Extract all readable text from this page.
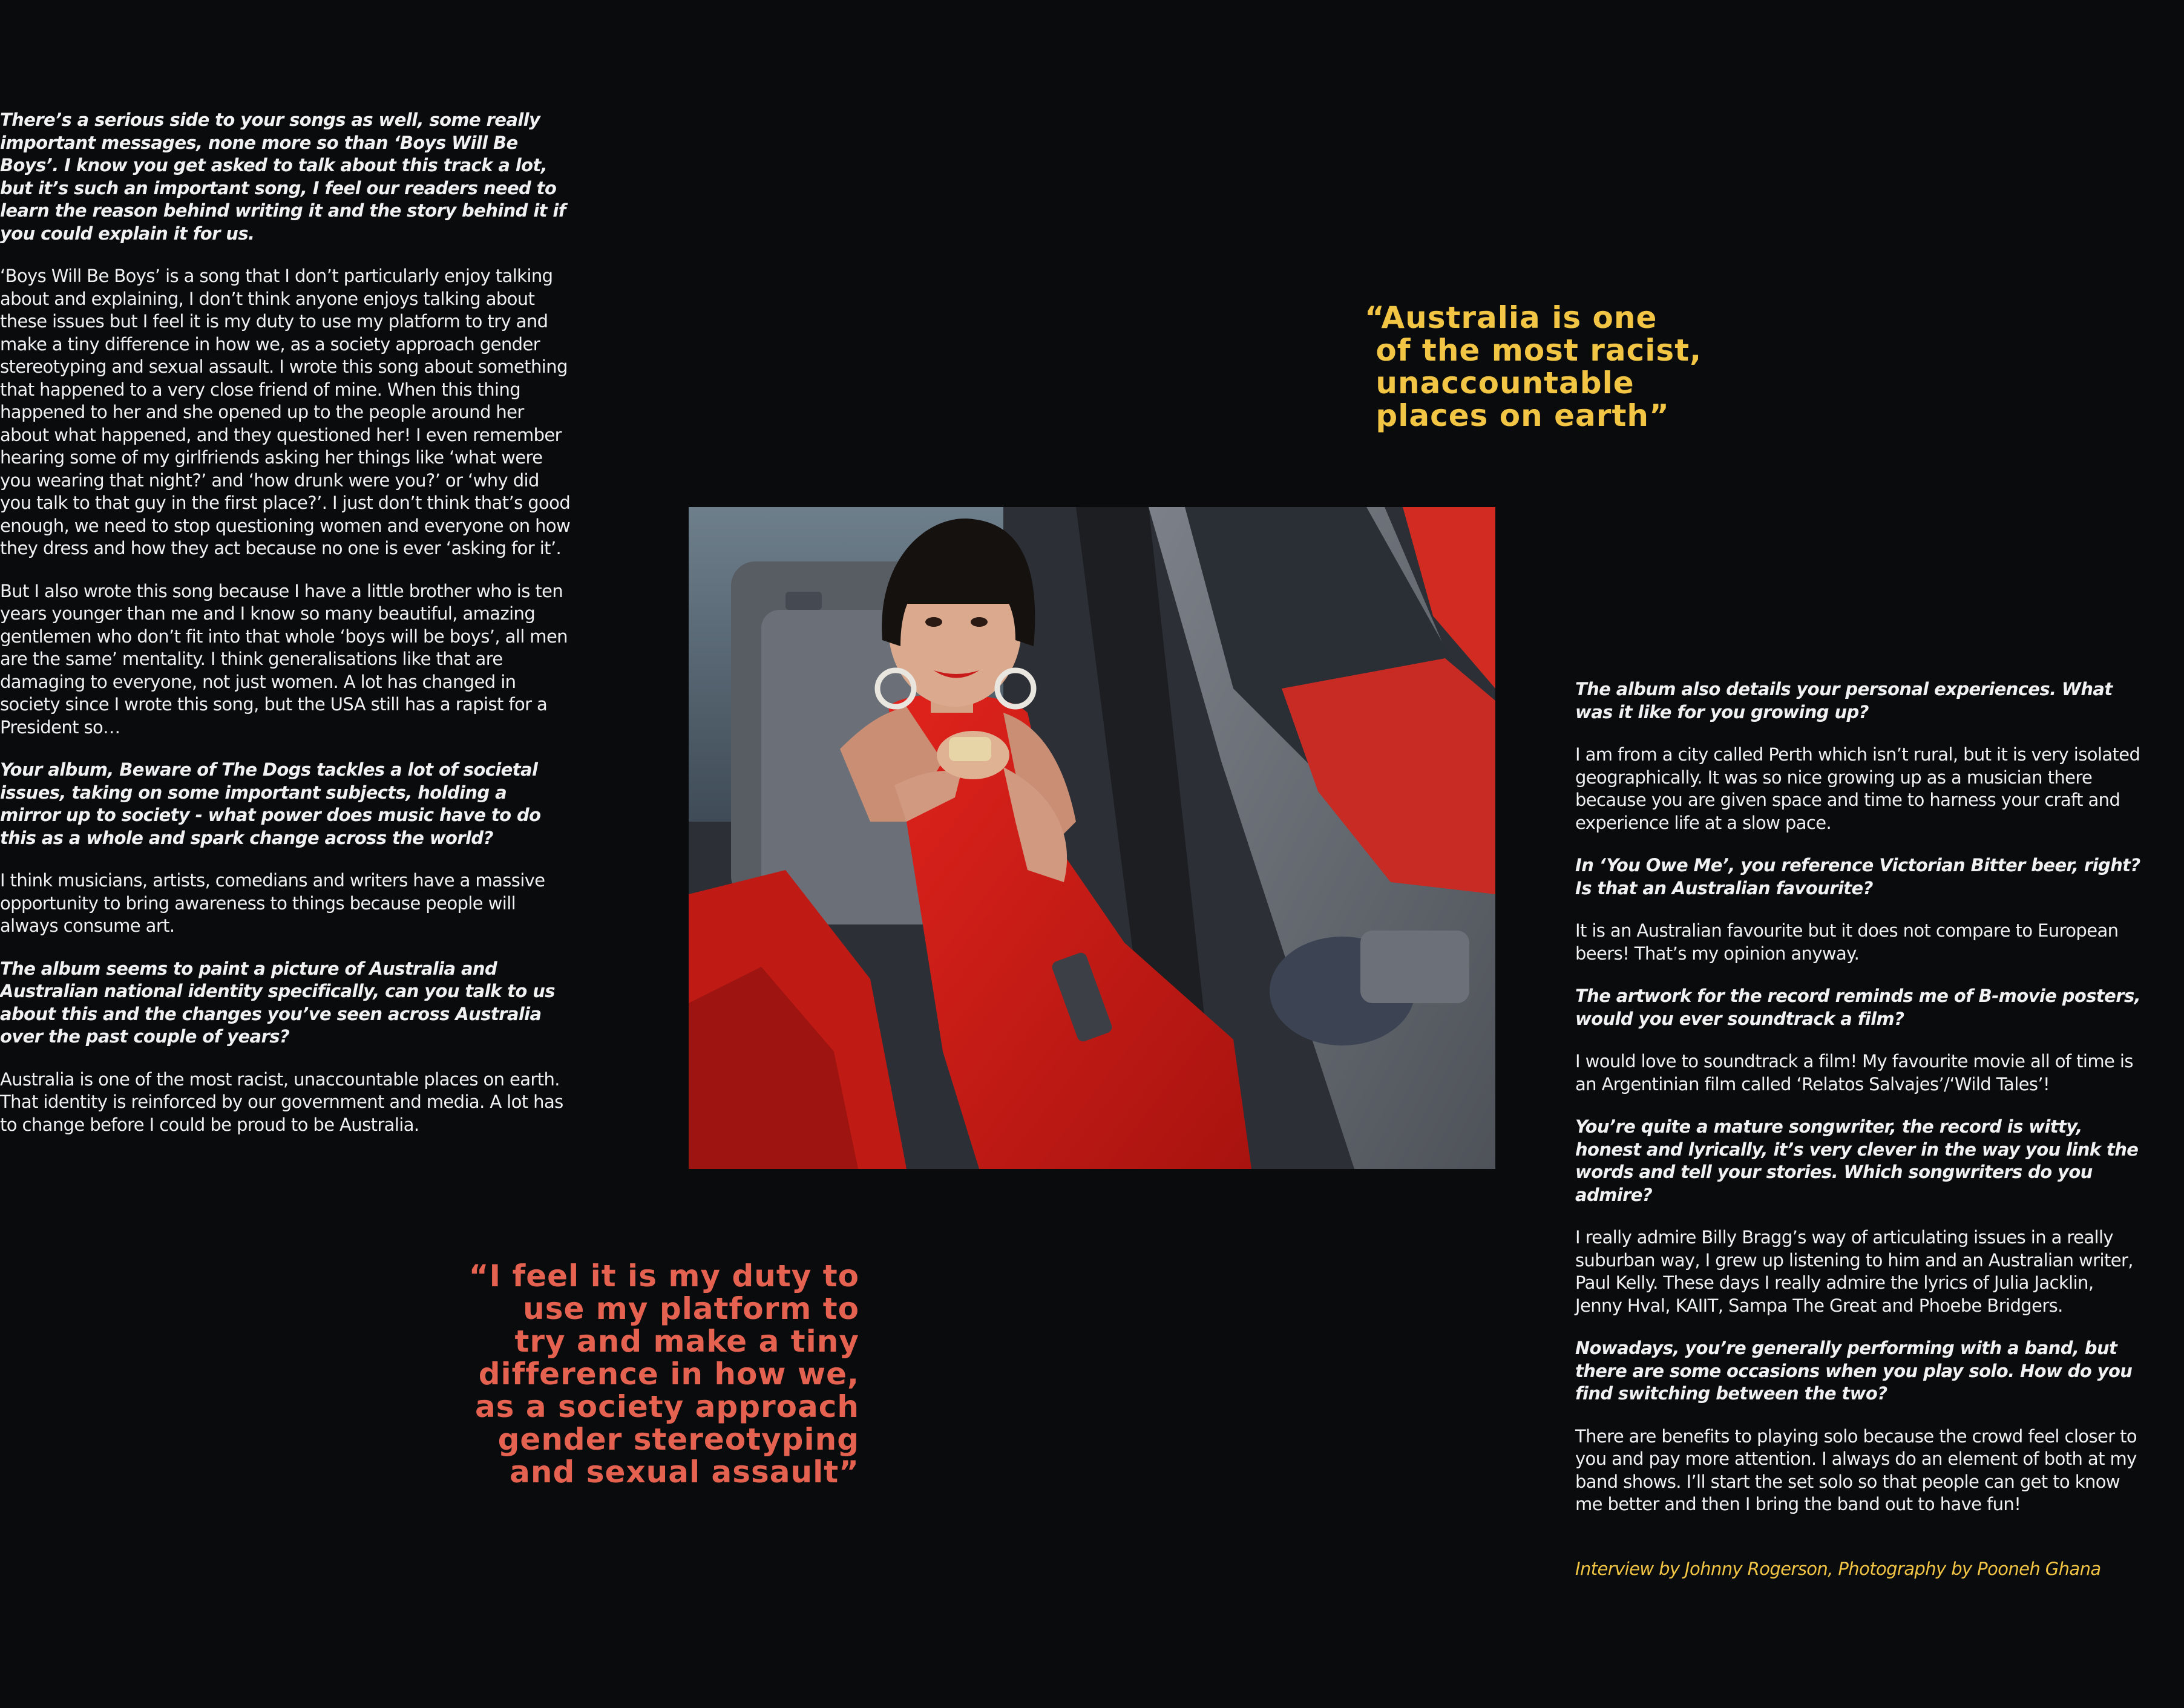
There’s a serious side to your songs as well, some really important messages, none more so than ‘Boys Will Be Boys’. I know you get asked to talk about this track a lot, but it’s such an important song, I feel our readers need to learn the reason behind writing it and the story behind it if you could explain it for us.

‘Boys Will Be Boys’ is a song that I don’t particularly enjoy talking about and explaining, I don’t think anyone enjoys talking about these issues but I feel it is my duty to use my platform to try and make a tiny difference in how we, as a society approach gender stereotyping and sexual assault. I wrote this song about something that happened to a very close friend of mine. When this thing happened to her and she opened up to the people around her about what happened, and they questioned her! I even remember hearing some of my girlfriends asking her things like ‘what were you wearing that night?’ and ‘how drunk were you?’ or ‘why did you talk to that guy in the first place?’. I just don’t think that’s good enough, we need to stop questioning women and everyone on how they dress and how they act because no one is ever ‘asking for it’.

But I also wrote this song because I have a little brother who is ten years younger than me and I know so many beautiful, amazing gentlemen who don’t fit into that whole ‘boys will be boys’, all men are the same’ mentality. I think generalisations like that are damaging to everyone, not just women. A lot has changed in society since I wrote this song, but the USA still has a rapist for a President so…

Your album, Beware of The Dogs tackles a lot of societal issues, taking on some important subjects, holding a mirror up to society - what power does music have to do this as a whole and spark change across the world?

I think musicians, artists, comedians and writers have a massive opportunity to bring awareness to things because people will always consume art.

The album seems to paint a picture of Australia and Australian national identity specifically, can you talk to us about this and the changes you’ve seen across Australia over the past couple of years?

Australia is one of the most racist, unaccountable places on earth. That identity is reinforced by our government and media. A lot has to change before I could be proud to be Australia.

“Australia is one
of the most racist,
unaccountable
places on earth”

The album also details your personal experiences. What was it like for you growing up?

I am from a city called Perth which isn’t rural, but it is very isolated geographically. It was so nice growing up as a musician there because you are given space and time to harness your craft and experience life at a slow pace.

In ‘You Owe Me’, you reference Victorian Bitter beer, right? Is that an Australian favourite?

It is an Australian favourite but it does not compare to European beers! That’s my opinion anyway.

The artwork for the record reminds me of B-movie posters, would you ever soundtrack a film?

I would love to soundtrack a film! My favourite movie all of time is an Argentinian film called ‘Relatos Salvajes’/‘Wild Tales’!

You’re quite a mature songwriter, the record is witty, honest and lyrically, it’s very clever in the way you link the words and tell your stories. Which songwriters do you admire?

I really admire Billy Bragg’s way of articulating issues in a really suburban way, I grew up listening to him and an Australian writer, Paul Kelly. These days I really admire the lyrics of Julia Jacklin, Jenny Hval, KAIIT, Sampa The Great and Phoebe Bridgers.

Nowadays, you’re generally performing with a band, but there are some occasions when you play solo. How do you find switching between the two?

There are benefits to playing solo because the crowd feel closer to you and pay more attention. I always do an element of both at my band shows. I’ll start the set solo so that people can get to know me better and then I bring the band out to have fun!

“I feel it is my duty to
use my platform to
try and make a tiny
difference in how we,
as a society approach
gender stereotyping
and sexual assault”
Interview by Johnny Rogerson, Photography by Pooneh Ghana
